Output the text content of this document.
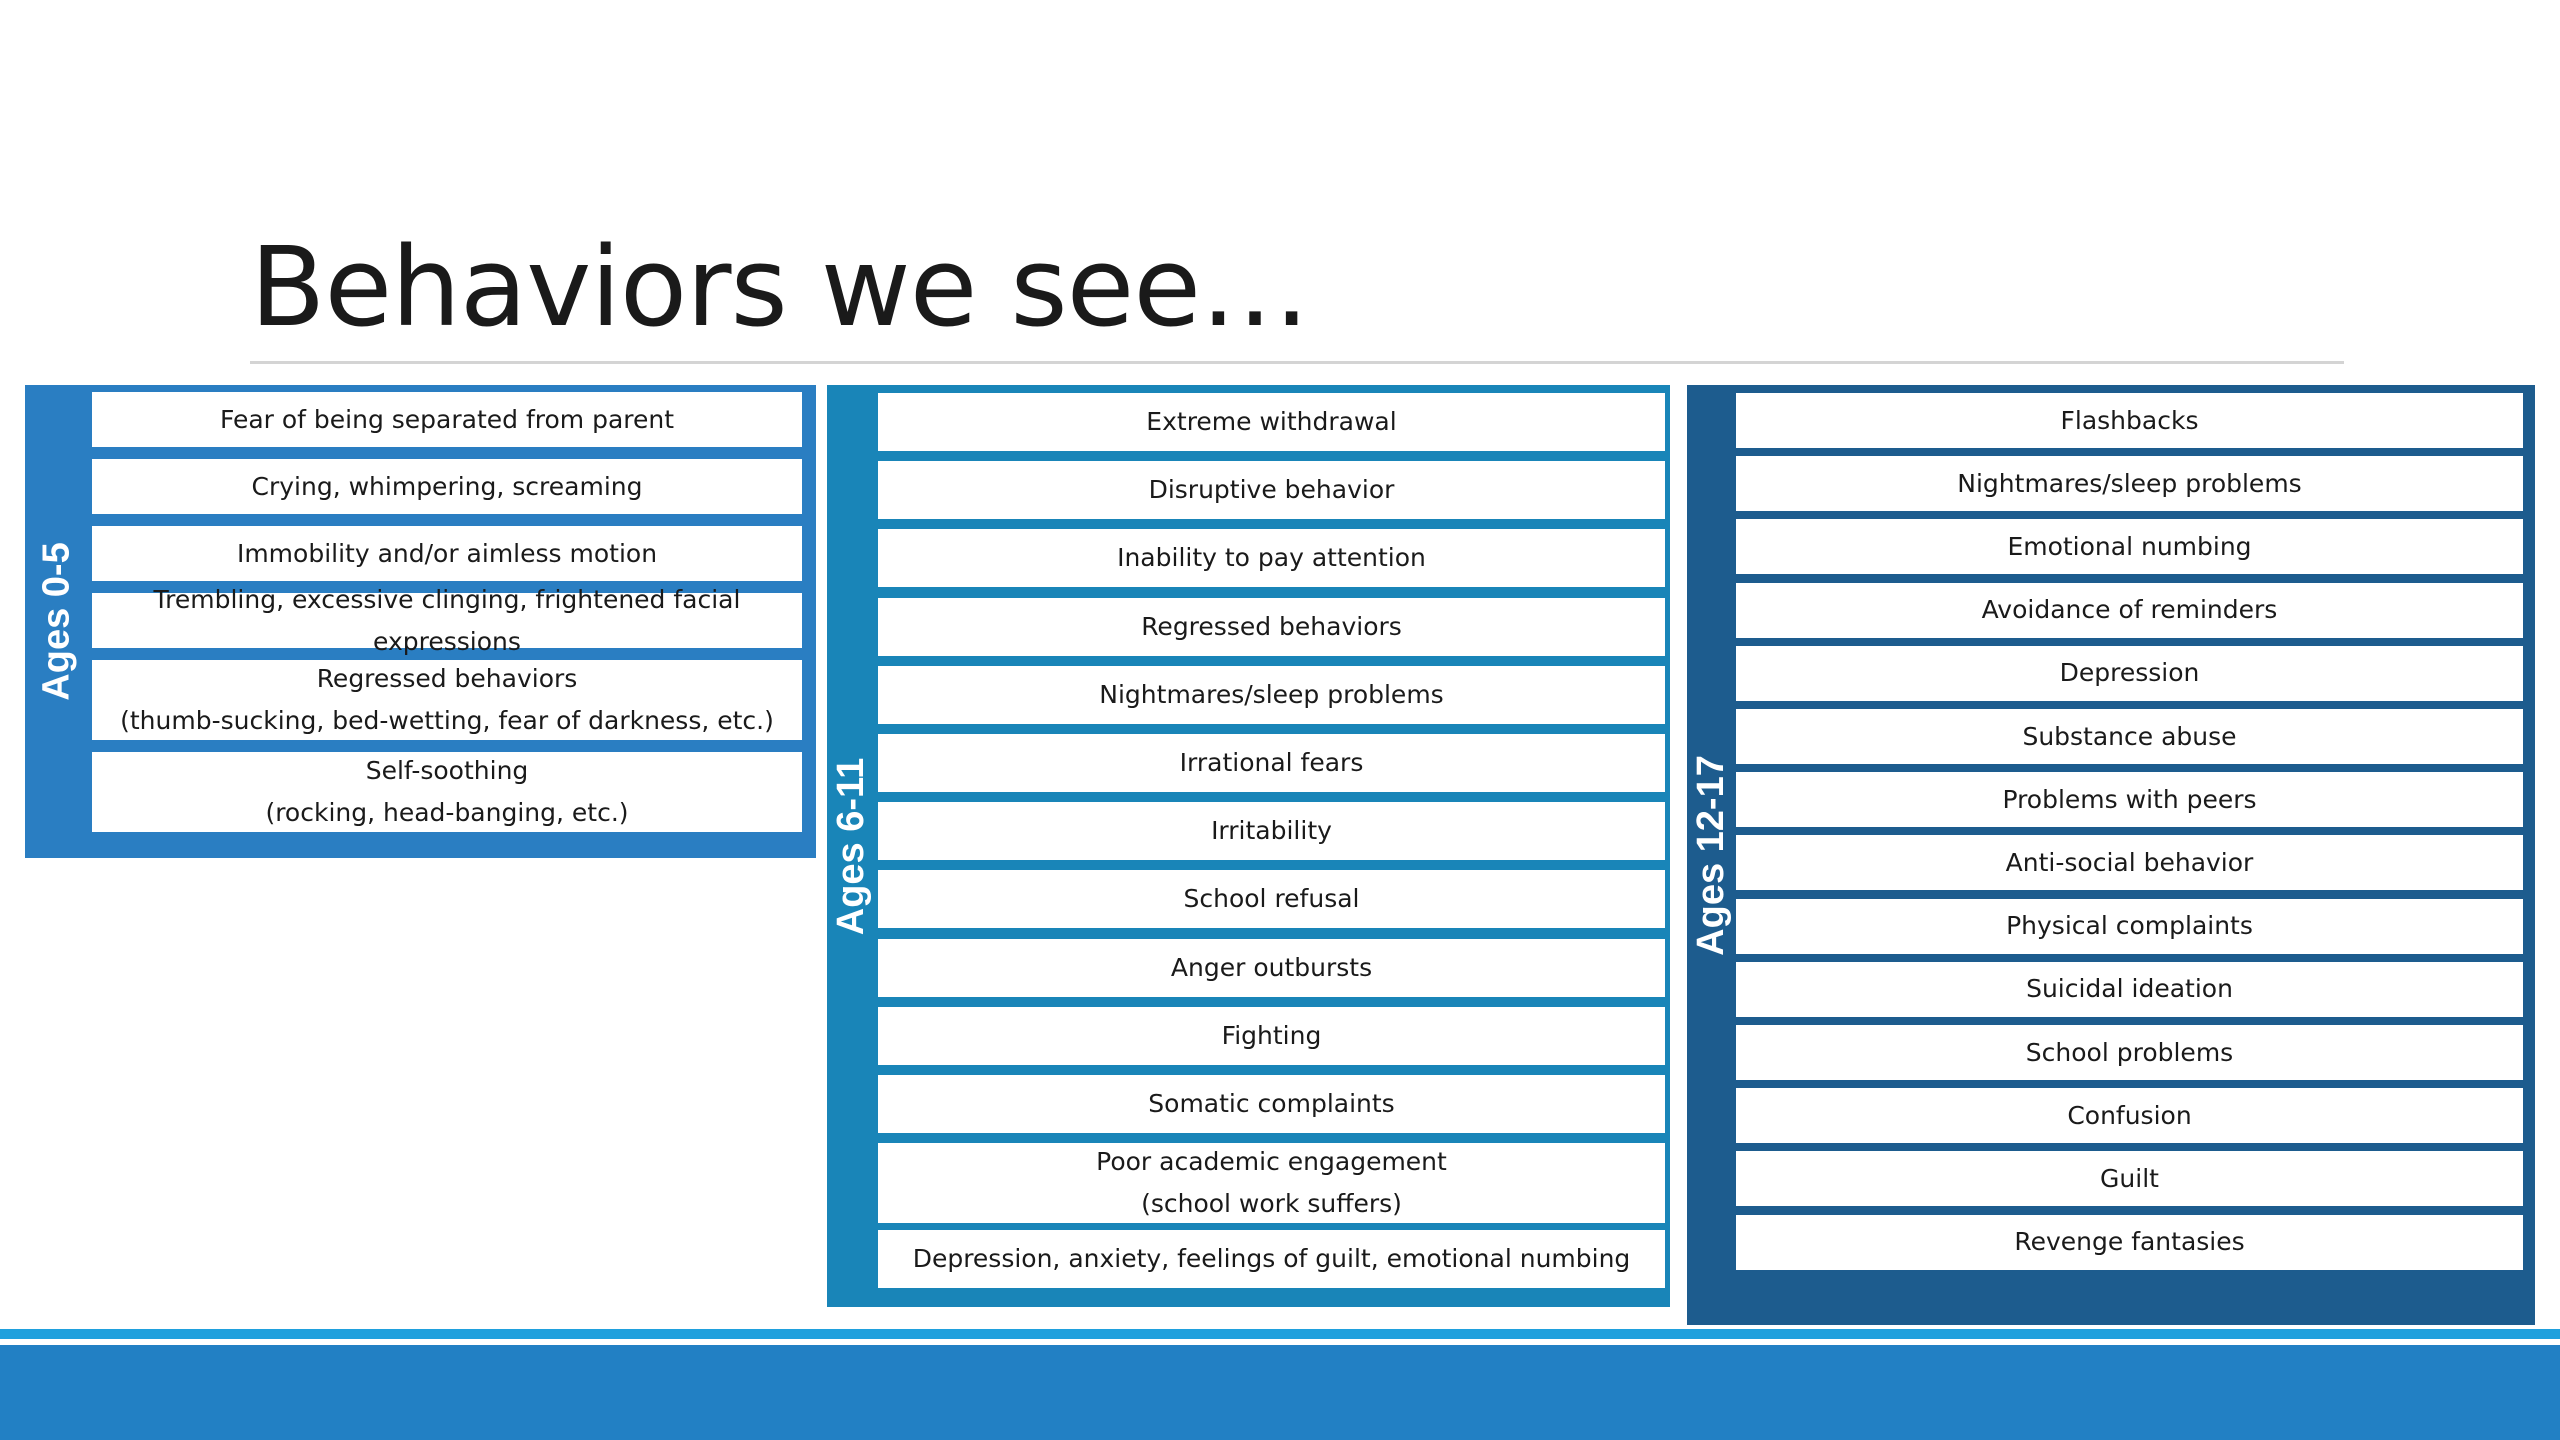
Behaviors we see…
Ages 0-5
Fear of being separated from parent
Crying, whimpering, screaming
Immobility and/or aimless motion
Trembling, excessive clinging, frightened facial expressions
Regressed behaviors
(thumb-sucking, bed-wetting, fear of darkness, etc.)
Self-soothing
(rocking, head-banging, etc.)	Ages 6-11
Extreme withdrawal
Disruptive behavior
Inability to pay attention
Regressed behaviors
Nightmares/sleep problems
Irrational fears
Irritability
School refusal
Anger outbursts
Fighting
Somatic complaints
Poor academic engagement
(school work suffers)
Depression, anxiety, feelings of guilt, emotional numbing
Ages 12-17
Flashbacks
Nightmares/sleep problems
Emotional numbing
Avoidance of reminders
Depression
Substance abuse
Problems with peers
Anti-social behavior
Physical complaints
Suicidal ideation
School problems
Confusion
Guilt
Revenge fantasies
